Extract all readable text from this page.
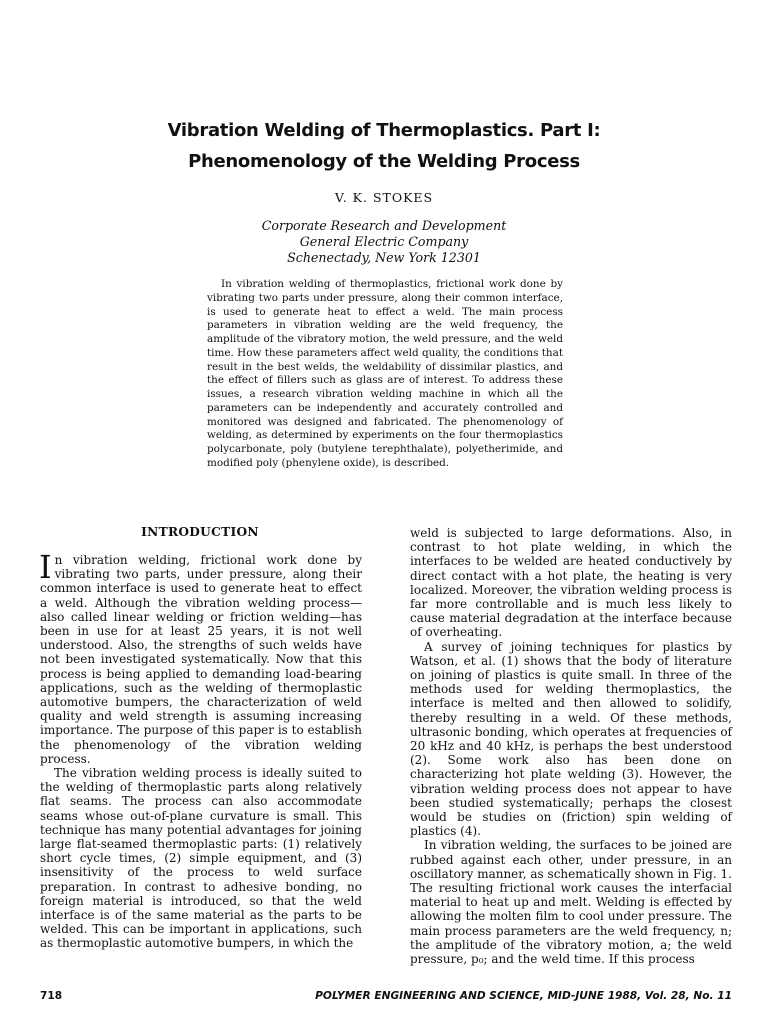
Vibration Welding of Thermoplastics. Part I:
Phenomenology of the Welding Process
V. K. STOKES
Corporate Research and Development
General Electric Company
Schenectady, New York 12301

In vibration welding of thermoplastics, frictional work done by vibrating two parts under pressure, along their common interface, is used to generate heat to effect a weld. The main process parameters in vibration welding are the weld frequency, the amplitude of the vibratory motion, the weld pressure, and the weld time. How these parameters affect weld quality, the conditions that result in the best welds, the weldability of dissimilar plastics, and the effect of fillers such as glass are of interest. To address these issues, a research vibration welding machine in which all the parameters can be independently and accurately controlled and monitored was designed and fabricated. The phenomenology of welding, as determined by experiments on the four thermoplastics polycarbonate, poly (butylene terephthalate), polyetherimide, and modified poly (phenylene oxide), is described.

INTRODUCTION

In vibration welding, frictional work done by vibrating two parts, under pressure, along their common interface is used to generate heat to effect a weld. Although the vibration welding process—also called linear welding or friction welding—has been in use for at least 25 years, it is not well understood. Also, the strengths of such welds have not been investigated systematically. Now that this process is being applied to demanding load-bearing applications, such as the welding of thermoplastic automotive bumpers, the characterization of weld quality and weld strength is assuming increasing importance. The purpose of this paper is to establish the phenomenology of the vibration welding process.

The vibration welding process is ideally suited to the welding of thermoplastic parts along relatively flat seams. The process can also accommodate seams whose out-of-plane curvature is small. This technique has many potential advantages for joining large flat-seamed thermoplastic parts: (1) relatively short cycle times, (2) simple equipment, and (3) insensitivity of the process to weld surface preparation. In contrast to adhesive bonding, no foreign material is introduced, so that the weld interface is of the same material as the parts to be welded. This can be important in applications, such as thermoplastic automotive bumpers, in which the

weld is subjected to large deformations. Also, in contrast to hot plate welding, in which the interfaces to be welded are heated conductively by direct contact with a hot plate, the heating is very localized. Moreover, the vibration welding process is far more controllable and is much less likely to cause material degradation at the interface because of overheating.

A survey of joining techniques for plastics by Watson, et al. (1) shows that the body of literature on joining of plastics is quite small. In three of the methods used for welding thermoplastics, the interface is melted and then allowed to solidify, thereby resulting in a weld. Of these methods, ultrasonic bonding, which operates at frequencies of 20 kHz and 40 kHz, is perhaps the best understood (2). Some work also has been done on characterizing hot plate welding (3). However, the vibration welding process does not appear to have been studied systematically; perhaps the closest would be studies on (friction) spin welding of plastics (4).

In vibration welding, the surfaces to be joined are rubbed against each other, under pressure, in an oscillatory manner, as schematically shown in Fig. 1. The resulting frictional work causes the interfacial material to heat up and melt. Welding is effected by allowing the molten film to cool under pressure. The main process parameters are the weld frequency, n; the amplitude of the vibratory motion, a; the weld pressure, p₀; and the weld time. If this process

718	POLYMER ENGINEERING AND SCIENCE, MID-JUNE 1988, Vol. 28, No. 11
